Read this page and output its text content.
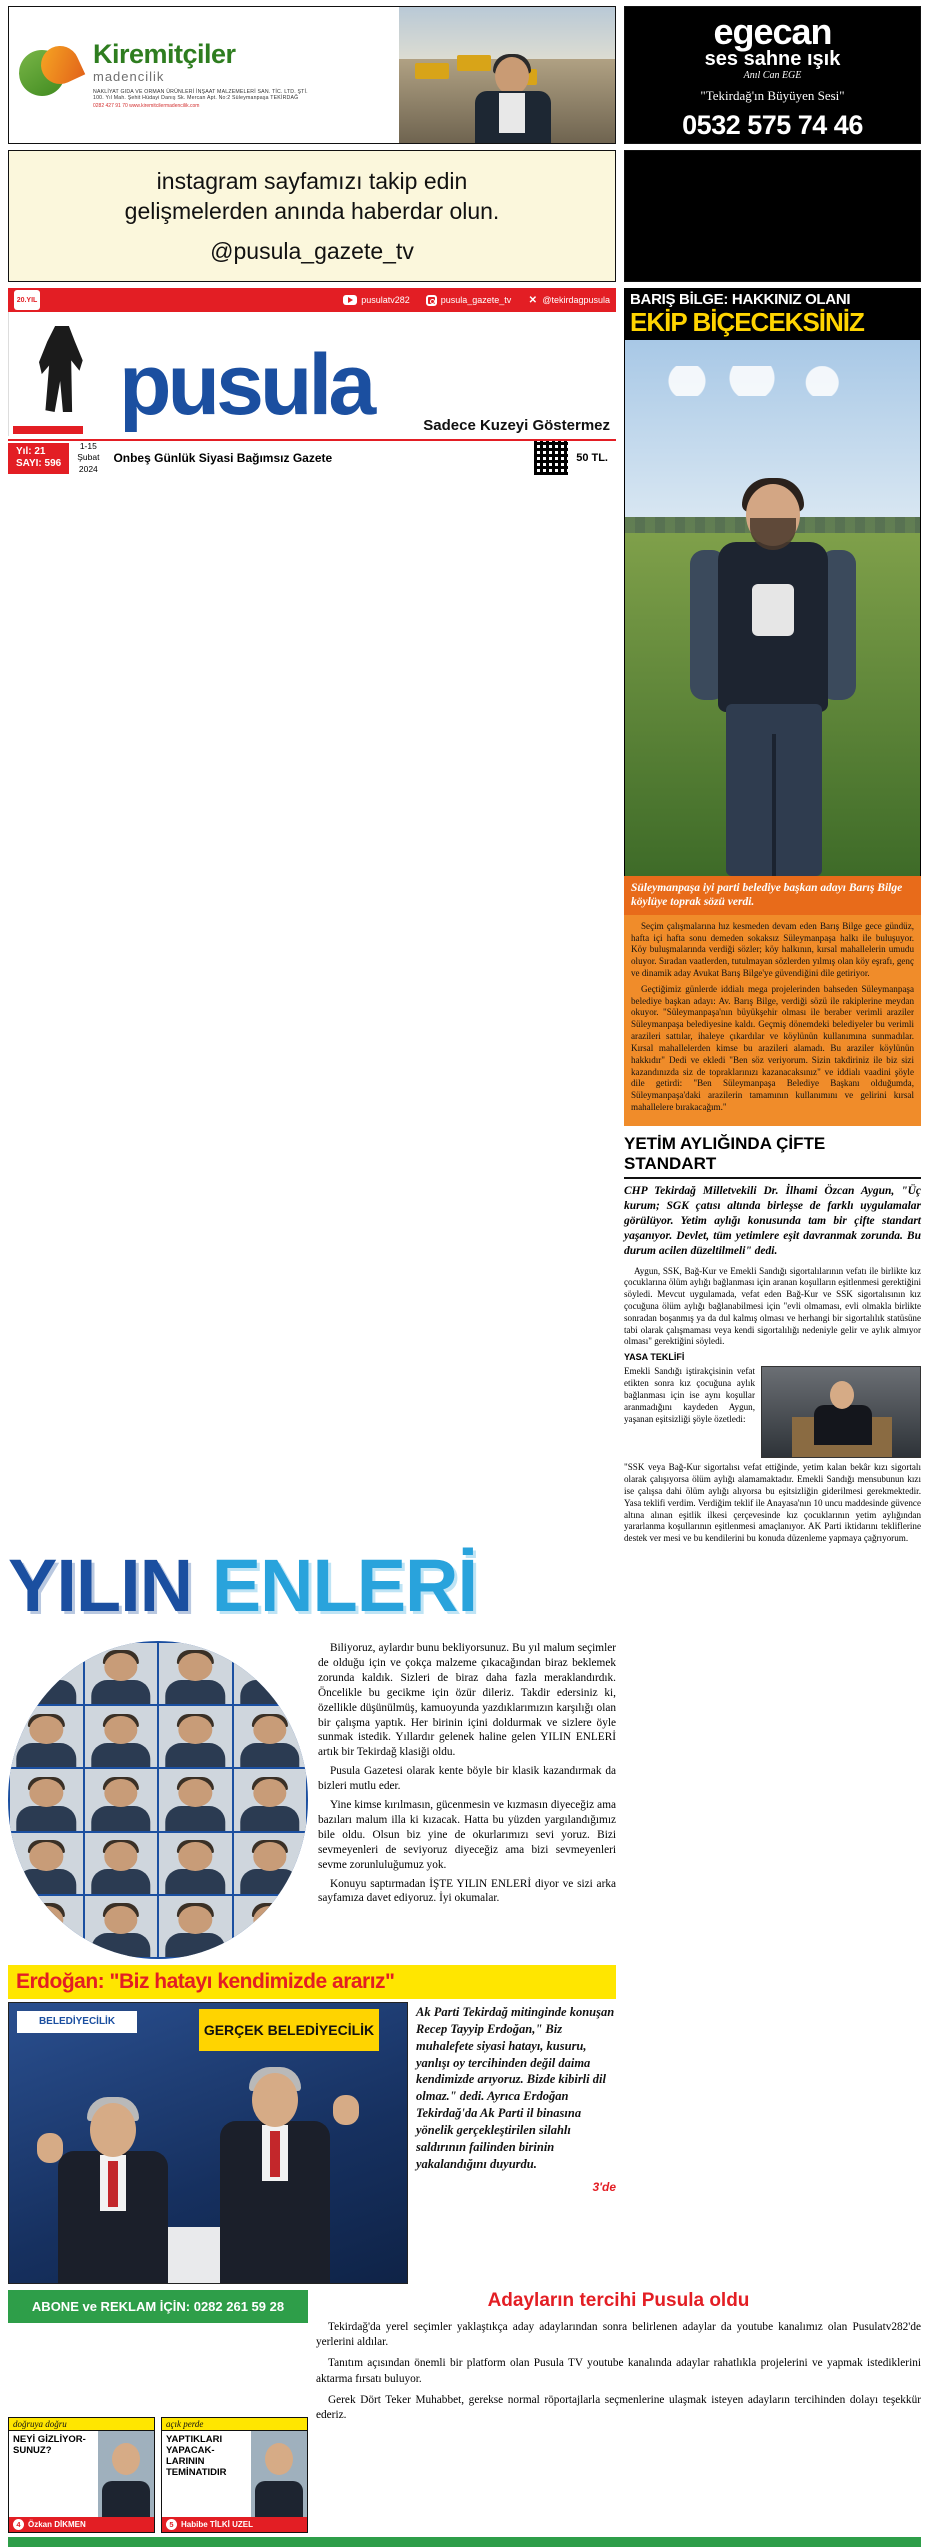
Kiremitçiler
madencilik
NAKLİYAT GIDA VE ORMAN ÜRÜNLERİ İNŞAAT MALZEMELERİ SAN. TİC. LTD. ŞTİ.
100. Yıl Mah. Şehit Hüdayi Danış Sk. Mercan Apt. No:2 Süleymanpaşa TEKİRDAĞ
0282 427 91 70 www.kiremitcilermadencilik.com
egecan
ses sahne ışık
Anıl Can EGE
"Tekirdağ'ın Büyüyen Sesi"
0532 575 74 46
instagram sayfamızı takip edin
gelişmelerden anında haberdar olun.
@pusula_gazete_tv
20.YIL	pusulatv282	pusula_gazete_tv ✕ @tekirdagpusula
pusula	Sadece Kuzeyi Göstermez
Yıl: 21
SAYI: 596
1-15
Şubat
2024
Onbeş Günlük Siyasi Bağımsız Gazete	50 TL.
BARIŞ BİLGE: HAKKINIZ OLANI
EKİP BİÇECEKSİNİZ
Süleymanpaşa iyi parti belediye başkan adayı Barış Bilge köylüye toprak sözü verdi.

Seçim çalışmalarına hız kesmeden devam eden Barış Bilge gece gündüz, hafta içi hafta sonu demeden sokaksız Süleymanpaşa halkı ile buluşuyor. Köy buluşmalarında verdiği sözler; köy halkının, kırsal mahallelerin umudu oluyor. Sıradan vaatlerden, tutulmayan sözlerden yılmış olan köy eşrafı, genç ve dinamik aday Avukat Barış Bilge'ye güvendiğini dile getiriyor.

Geçtiğimiz günlerde iddialı mega projelerinden bahseden Süleymanpaşa belediye başkan adayı: Av. Barış Bilge, verdiği sözü ile rakiplerine meydan okuyor. "Süleymanpaşa'nın büyükşehir olması ile beraber verimli araziler Süleymanpaşa belediyesine kaldı. Geçmiş dönemdeki belediyeler bu verimli arazileri sattılar, ihaleye çıkardılar ve köylünün kullanımına sunmadılar. Kırsal mahallelerden kimse bu arazileri alamadı. Bu araziler köylünün hakkıdır" Dedi ve ekledi "Ben söz veriyorum. Sizin takdiriniz ile biz sizi kazandınızda siz de topraklarınızı kazanacaksınız" ve iddialı vaadini şöyle dile getirdi: "Ben Süleymanpaşa Belediye Başkanı olduğumda, Süleymanpaşa'daki arazilerin tamamının kullanımını ve gelirini kırsal mahallelere bırakacağım."

YETİM AYLIĞINDA ÇİFTE STANDART
CHP Tekirdağ Milletvekili Dr. İlhami Özcan Aygun, "Üç kurum; SGK çatısı altında birleşse de farklı uygulamalar görülüyor. Yetim aylığı konusunda tam bir çifte standart yaşanıyor. Devlet, tüm yetimlere eşit davranmak zorunda. Bu durum acilen düzeltilmeli" dedi.

Aygun, SSK, Bağ-Kur ve Emekli Sandığı sigortalılarının vefatı ile birlikte kız çocuklarına ölüm aylığı bağlanması için aranan koşulların eşitlenmesi gerektiğini söyledi. Mevcut uygulamada, vefat eden Bağ-Kur ve SSK sigortalısının kız çocuğuna ölüm aylığı bağlanabilmesi için "evli olmaması, evli olmakla birlikte sonradan boşanmış ya da dul kalmış olması ve herhangi bir sigortalılık statüsüne tabi olarak çalışmaması veya kendi sigortalılığı nedeniyle gelir ve aylık almıyor olması" gerektiğini söyledi.

YASA TEKLİFİ
Emekli Sandığı iştirakçisinin vefat etikten sonra kız çocuğuna aylık bağlanması için ise aynı koşullar aranmadığını kaydeden Aygun, yaşanan eşitsizliği şöyle özetledi:
"SSK veya Bağ-Kur sigortalısı vefat ettiğinde, yetim kalan bekâr kızı sigortalı olarak çalışıyorsa ölüm aylığı alamamaktadır. Emekli Sandığı mensubunun kızı ise çalışsa dahi ölüm aylığı alıyorsa bu eşitsizliğin giderilmesi gerekmektedir. Yasa teklifi verdim. Verdiğim teklif ile Anayasa'nın 10 uncu maddesinde güvence altına alınan eşitlik ilkesi çerçevesinde kız çocuklarının yetim aylığından yararlanma koşullarının eşitlenmesi amaçlanıyor. AK Parti iktidarını tekliflerine destek ver mesi ve bu kendilerini bu konuda düzenleme yapmaya çağrıyorum.
YILIN ENLERİ

Biliyoruz, aylardır bunu bekliyorsunuz. Bu yıl malum seçimler de olduğu için ve çokça malzeme çıkacağından biraz beklemek zorunda kaldık. Sizleri de biraz daha fazla meraklandırdık. Öncelikle bu gecikme için özür dileriz. Takdir edersiniz ki, özellikle düşünülmüş, kamuoyunda yazdıklarımızın karşılığı olan bir çalışma yaptık. Her birinin içini doldurmak ve sizlere öyle sunmak istedik. Yıllardır gelenek haline gelen YILIN ENLERİ artık bir Tekirdağ klasiği oldu.

Pusula Gazetesi olarak kente böyle bir klasik kazandırmak da bizleri mutlu eder.

Yine kimse kırılmasın, gücenmesin ve kızmasın diyeceğiz ama bazıları malum illa ki kızacak. Hatta bu yüzden yargılandığımız bile oldu. Olsun biz yine de okurlarımızı sevi yoruz. Bizi sevmeyenleri de seviyoruz diyeceğiz ama bizi sevmeyenleri sevme zorunluluğumuz yok.

Konuyu saptırmadan İŞTE YILIN ENLERİ diyor ve sizi arka sayfamıza davet ediyoruz. İyi okumalar.

Erdoğan: "Biz hatayı kendimizde ararız"
BELEDİYECİLİK	GERÇEK BELEDİYECİLİK
Ak Parti Tekirdağ mitinginde konuşan Recep Tayyip Erdoğan," Biz muhalefete siyasi hatayı, kusuru, yanlışı oy tercihinden değil daima kendimizde arıyoruz. Bizde kibirli dil olmaz." dedi. Ayrıca Erdoğan Tekirdağ'da Ak Parti il binasına yönelik gerçekleştirilen silahlı saldırının failinden birinin yakalandığını duyurdu.
3'de
ABONE ve REKLAM İÇİN: 0282 261 59 28
doğruya doğru
NEYİ GİZLİYOR-SUNUZ?
4 Özkan DİKMEN
açık perde
YAPTIKLARI YAPACAK-LARININ TEMİNATIDIR
5 Habibe TİLKİ UZEL
Adayların tercihi Pusula oldu

Tekirdağ'da yerel seçimler yaklaştıkça aday adaylarından sonra belirlenen adaylar da youtube kanalımız olan Pusulatv282'de yerlerini aldılar.

Tanıtım açısından önemli bir platform olan Pusula TV youtube kanalında adaylar rahatlıkla projelerini ve yapmak istediklerini aktarma fırsatı buluyor.

Gerek Dört Teker Muhabbet, gerekse normal röportajlarla seçmenlerine ulaşmak isteyen adayların tercihinden dolayı teşekkür ederiz.
